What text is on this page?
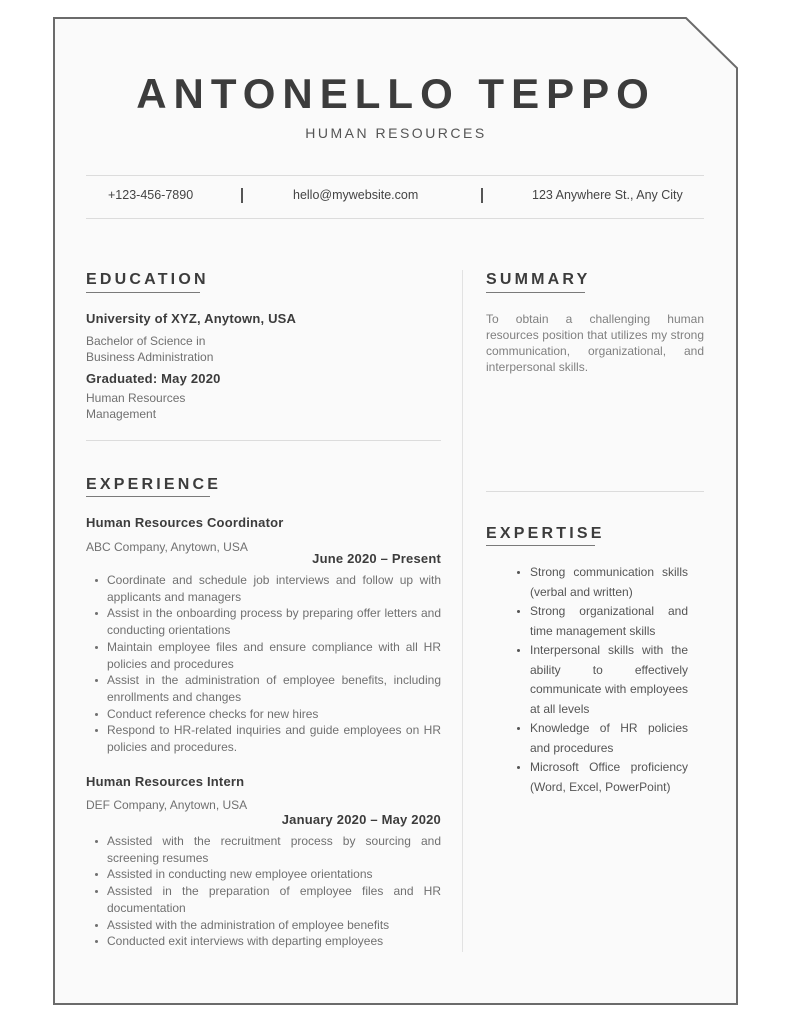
ANTONELLO TEPPO
HUMAN RESOURCES
+123-456-7890	hello@mywebsite.com	123 Anywhere St., Any City
EDUCATION
University of XYZ, Anytown, USA
Bachelor of Science in
Business Administration
Graduated: May 2020
Human Resources
Management
SUMMARY
To obtain a challenging human resources position that utilizes my strong communication, organizational, and interpersonal skills.
EXPERIENCE
Human Resources Coordinator
ABC Company, Anytown, USA
June 2020 – Present
Coordinate and schedule job interviews and follow up with applicants and managers
Assist in the onboarding process by preparing offer letters and conducting orientations
Maintain employee files and ensure compliance with all HR policies and procedures
Assist in the administration of employee benefits, including enrollments and changes
Conduct reference checks for new hires
Respond to HR-related inquiries and guide employees on HR policies and procedures.
Human Resources Intern
DEF Company, Anytown, USA
January 2020 – May 2020
Assisted with the recruitment process by sourcing and screening resumes
Assisted in conducting new employee orientations
Assisted in the preparation of employee files and HR documentation
Assisted with the administration of employee benefits
Conducted exit interviews with departing employees
EXPERTISE
Strong communication skills (verbal and written)
Strong organizational and time management skills
Interpersonal skills with the ability to effectively communicate with employees at all levels
Knowledge of HR policies and procedures
Microsoft Office proficiency (Word, Excel, PowerPoint)
